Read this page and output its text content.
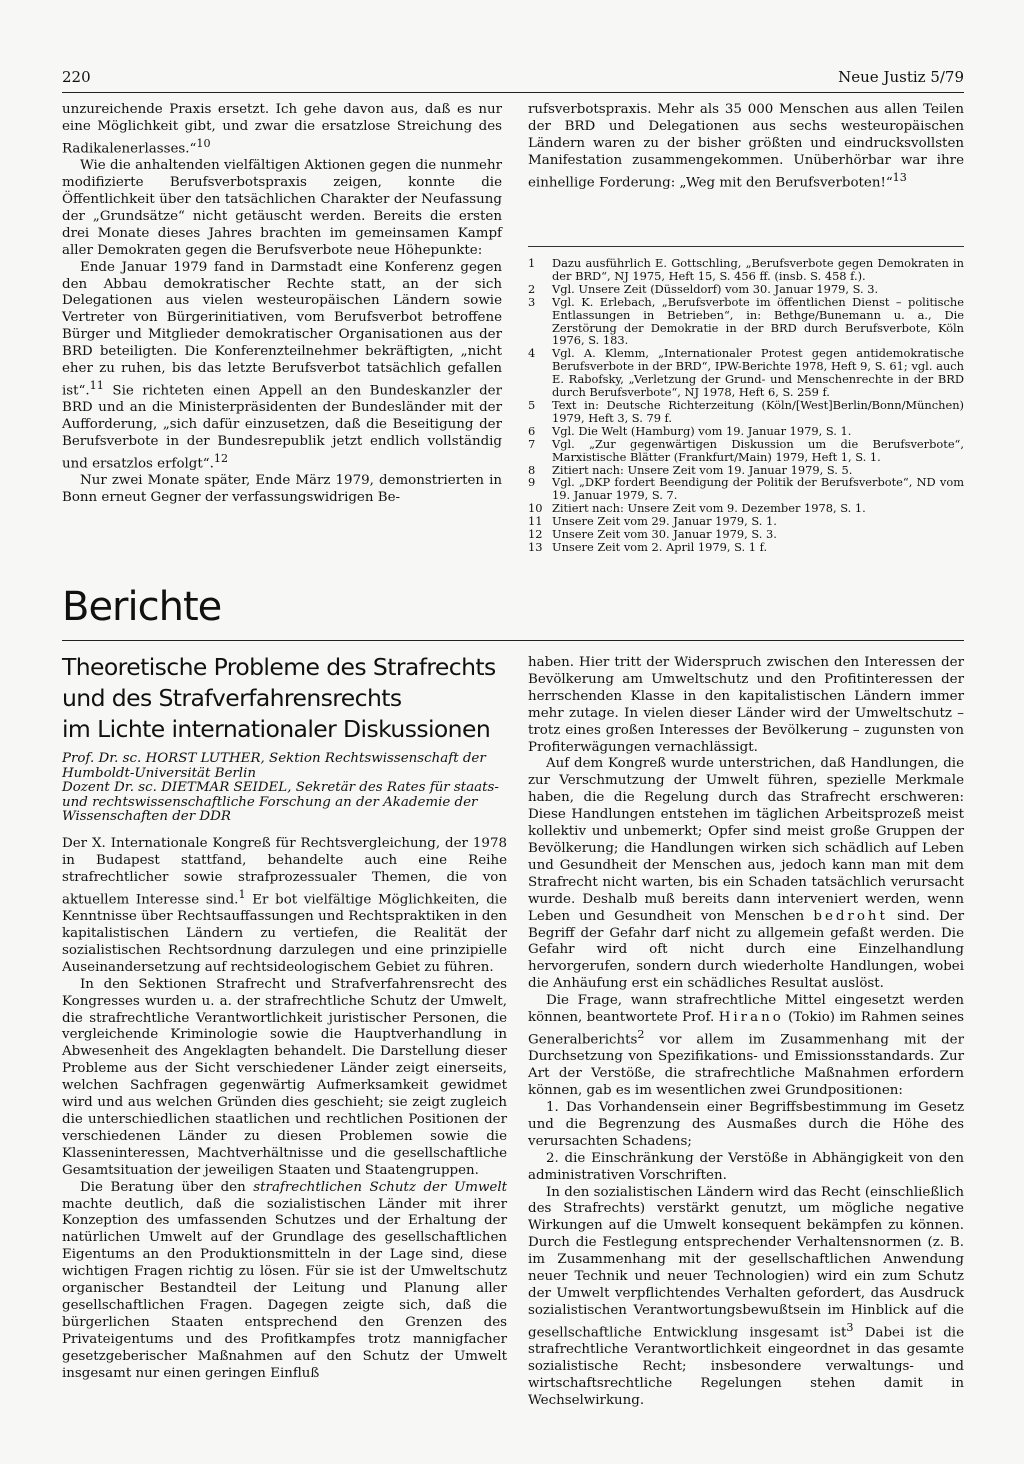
220	Neue Justiz 5/79

unzureichende Praxis ersetzt. Ich gehe davon aus, daß es nur eine Möglichkeit gibt, und zwar die ersatzlose Streichung des Radikalenerlasses.“$^{10}$

Wie die anhaltenden vielfältigen Aktionen gegen die nunmehr modifizierte Berufsverbotspraxis zeigen, konnte die Öffentlichkeit über den tatsächlichen Charakter der Neufassung der „Grundsätze“ nicht getäuscht werden. Bereits die ersten drei Monate dieses Jahres brachten im gemeinsamen Kampf aller Demokraten gegen die Berufsverbote neue Höhepunkte:

Ende Januar 1979 fand in Darmstadt eine Konferenz gegen den Abbau demokratischer Rechte statt, an der sich Delegationen aus vielen westeuropäischen Ländern sowie Vertreter von Bürgerinitiativen, vom Berufsverbot betroffene Bürger und Mitglieder demokratischer Organisationen aus der BRD beteiligten. Die Konferenzteilnehmer bekräftigten, „nicht eher zu ruhen, bis das letzte Berufsverbot tatsächlich gefallen ist“.$^{11}$ Sie richteten einen Appell an den Bundeskanzler der BRD und an die Ministerpräsidenten der Bundesländer mit der Aufforderung, „sich dafür einzusetzen, daß die Beseitigung der Berufsverbote in der Bundesrepublik jetzt endlich vollständig und ersatzlos erfolgt“.$^{12}$

Nur zwei Monate später, Ende März 1979, demonstrierten in Bonn erneut Gegner der verfassungswidrigen Be-

rufsverbotspraxis. Mehr als 35 000 Menschen aus allen Teilen der BRD und Delegationen aus sechs westeuropäischen Ländern waren zu der bisher größten und eindrucksvollsten Manifestation zusammengekommen. Unüberhörbar war ihre einhellige Forderung: „Weg mit den Berufsverboten!“$^{13}$

1	Dazu ausführlich E. Gottschling, „Berufsverbote gegen Demokraten in der BRD“, NJ 1975, Heft 15, S. 456 ff. (insb. S. 458 f.).
2	Vgl. Unsere Zeit (Düsseldorf) vom 30. Januar 1979, S. 3.
3	Vgl. K. Erlebach, „Berufsverbote im öffentlichen Dienst – politische Entlassungen in Betrieben“, in: Bethge/Bunemann u. a., Die Zerstörung der Demokratie in der BRD durch Berufsverbote, Köln 1976, S. 183.
4	Vgl. A. Klemm, „Internationaler Protest gegen antidemokratische Berufsverbote in der BRD“, IPW-Berichte 1978, Heft 9, S. 61; vgl. auch E. Rabofsky, „Verletzung der Grund- und Menschenrechte in der BRD durch Berufsverbote“, NJ 1978, Heft 6, S. 259 f.
5	Text in: Deutsche Richterzeitung (Köln/[West]Berlin/Bonn/München) 1979, Heft 3, S. 79 f.
6	Vgl. Die Welt (Hamburg) vom 19. Januar 1979, S. 1.
7	Vgl. „Zur gegenwärtigen Diskussion um die Berufsverbote“, Marxistische Blätter (Frankfurt/Main) 1979, Heft 1, S. 1.
8	Zitiert nach: Unsere Zeit vom 19. Januar 1979, S. 5.
9	Vgl. „DKP fordert Beendigung der Politik der Berufsverbote“, ND vom 19. Januar 1979, S. 7.
10 Zitiert nach: Unsere Zeit vom 9. Dezember 1978, S. 1.
11 Unsere Zeit vom 29. Januar 1979, S. 1.
12 Unsere Zeit vom 30. Januar 1979, S. 3.
13 Unsere Zeit vom 2. April 1979, S. 1 f.
Berichte
Theoretische Probleme des Strafrechts
und des Strafverfahrensrechts
im Lichte internationaler Diskussionen

Prof. Dr. sc. HORST LUTHER, Sektion Rechtswissenschaft der Humboldt-Universität Berlin

Dozent Dr. sc. DIETMAR SEIDEL, Sekretär des Rates für staats- und rechtswissenschaftliche Forschung an der Akademie der Wissenschaften der DDR

Der X. Internationale Kongreß für Rechtsvergleichung, der 1978 in Budapest stattfand, behandelte auch eine Reihe strafrechtlicher sowie strafprozessualer Themen, die von aktuellem Interesse sind.$^1$ Er bot vielfältige Möglichkeiten, die Kenntnisse über Rechtsauffassungen und Rechtspraktiken in den kapitalistischen Ländern zu vertiefen, die Realität der sozialistischen Rechtsordnung darzulegen und eine prinzipielle Auseinandersetzung auf rechtsideologischem Gebiet zu führen.

In den Sektionen Strafrecht und Strafverfahrensrecht des Kongresses wurden u. a. der strafrechtliche Schutz der Umwelt, die strafrechtliche Verantwortlichkeit juristischer Personen, die vergleichende Kriminologie sowie die Hauptverhandlung in Abwesenheit des Angeklagten behandelt. Die Darstellung dieser Probleme aus der Sicht verschiedener Länder zeigt einerseits, welchen Sachfragen gegenwärtig Aufmerksamkeit gewidmet wird und aus welchen Gründen dies geschieht; sie zeigt zugleich die unterschiedlichen staatlichen und rechtlichen Positionen der verschiedenen Länder zu diesen Problemen sowie die Klasseninteressen, Machtverhältnisse und die gesellschaftliche Gesamtsituation der jeweiligen Staaten und Staatengruppen.

Die Beratung über den strafrechtlichen Schutz der Umwelt machte deutlich, daß die sozialistischen Länder mit ihrer Konzeption des umfassenden Schutzes und der Erhaltung der natürlichen Umwelt auf der Grundlage des gesellschaftlichen Eigentums an den Produktionsmitteln in der Lage sind, diese wichtigen Fragen richtig zu lösen. Für sie ist der Umweltschutz organischer Bestandteil der Leitung und Planung aller gesellschaftlichen Fragen. Dagegen zeigte sich, daß die bürgerlichen Staaten entsprechend den Grenzen des Privateigentums und des Profitkampfes trotz mannigfacher gesetzgeberischer Maßnahmen auf den Schutz der Umwelt insgesamt nur einen geringen Einfluß

haben. Hier tritt der Widerspruch zwischen den Interessen der Bevölkerung am Umweltschutz und den Profitinteressen der herrschenden Klasse in den kapitalistischen Ländern immer mehr zutage. In vielen dieser Länder wird der Umweltschutz – trotz eines großen Interesses der Bevölkerung – zugunsten von Profiterwägungen vernachlässigt.

Auf dem Kongreß wurde unterstrichen, daß Handlungen, die zur Verschmutzung der Umwelt führen, spezielle Merkmale haben, die die Regelung durch das Strafrecht erschweren: Diese Handlungen entstehen im täglichen Arbeitsprozeß meist kollektiv und unbemerkt; Opfer sind meist große Gruppen der Bevölkerung; die Handlungen wirken sich schädlich auf Leben und Gesundheit der Menschen aus, jedoch kann man mit dem Strafrecht nicht warten, bis ein Schaden tatsächlich verursacht wurde. Deshalb muß bereits dann interveniert werden, wenn Leben und Gesundheit von Menschen bedroht sind. Der Begriff der Gefahr darf nicht zu allgemein gefaßt werden. Die Gefahr wird oft nicht durch eine Einzelhandlung hervorgerufen, sondern durch wiederholte Handlungen, wobei die Anhäufung erst ein schädliches Resultat auslöst.

Die Frage, wann strafrechtliche Mittel eingesetzt werden können, beantwortete Prof. Hirano (Tokio) im Rahmen seines Generalberichts$^2$ vor allem im Zusammenhang mit der Durchsetzung von Spezifikations- und Emissionsstandards. Zur Art der Verstöße, die strafrechtliche Maßnahmen erfordern können, gab es im wesentlichen zwei Grundpositionen:

1. Das Vorhandensein einer Begriffsbestimmung im Gesetz und die Begrenzung des Ausmaßes durch die Höhe des verursachten Schadens;

2. die Einschränkung der Verstöße in Abhängigkeit von den administrativen Vorschriften.

In den sozialistischen Ländern wird das Recht (einschließlich des Strafrechts) verstärkt genutzt, um mögliche negative Wirkungen auf die Umwelt konsequent bekämpfen zu können. Durch die Festlegung entsprechender Verhaltensnormen (z. B. im Zusammenhang mit der gesellschaftlichen Anwendung neuer Technik und neuer Technologien) wird ein zum Schutz der Umwelt verpflichtendes Verhalten gefordert, das Ausdruck sozialistischen Verantwortungsbewußtsein im Hinblick auf die gesellschaftliche Entwicklung insgesamt ist$^3$ Dabei ist die strafrechtliche Verantwortlichkeit eingeordnet in das gesamte sozialistische Recht; insbesondere verwaltungs- und wirtschaftsrechtliche Regelungen stehen damit in Wechselwirkung.
